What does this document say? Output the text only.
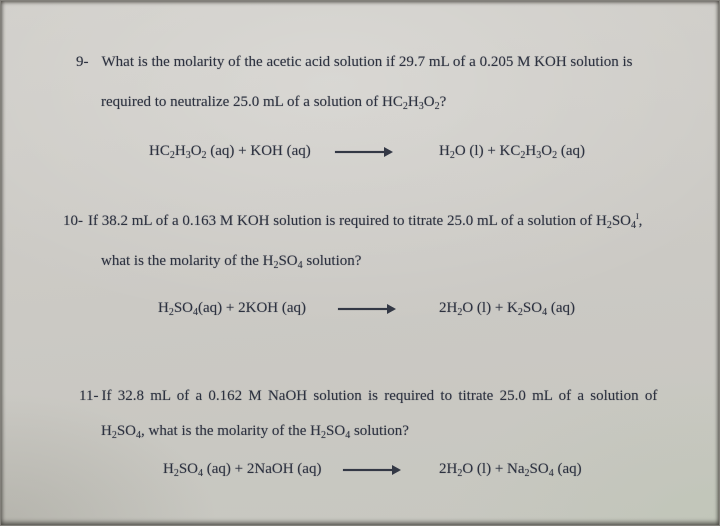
9- What is the molarity of the acetic acid solution if 29.7 mL of a 0.205 M KOH solution is
required to neutralize 25.0 mL of a solution of $HC_2H_3O_2$?
$HC_2H_3O_2$ (aq) + KOH (aq)	$H_2O$ $(l) + KC_2H_3O_2$ (aq)
10- If 38.2 mL of a 0.163 M KOH solution is required to titrate 25.0 mL of a solution of $H_2SO_4^I$,
what is the molarity of the $H_2SO_4$ solution?
$H_2SO_4(aq) + 2KOH$ (aq)	$2H_2O$ $(l) + K_2SO_4$ (aq)
11- If 32.8 mL of a 0.162 M NaOH solution is required to titrate 25.0 mL of a solution of
$H_2SO_4$, what is the molarity of the $H_2SO_4$ solution?
$H_2SO_4$ (aq) + 2NaOH (aq) →	$2H_2O$ $(l) + Na_2SO_4$ (aq)
